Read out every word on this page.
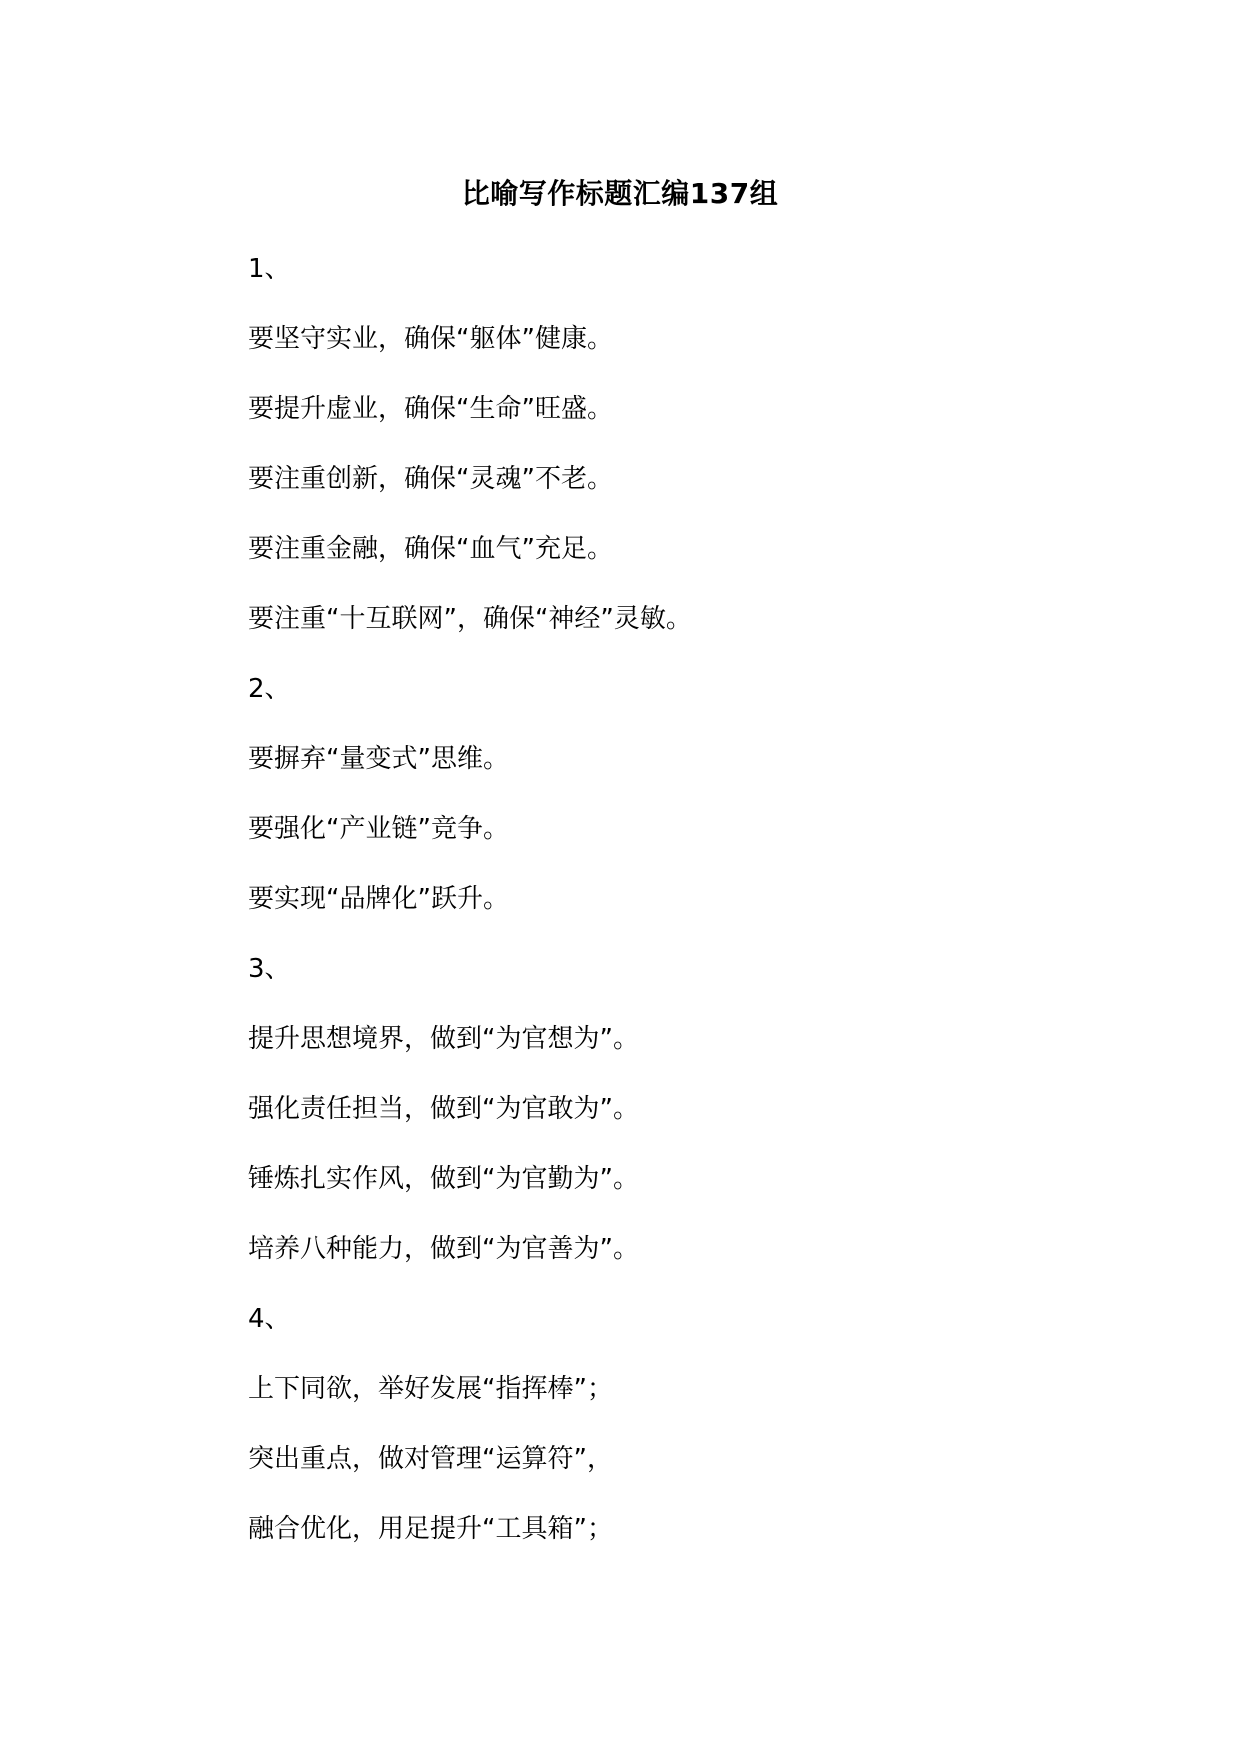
比喻写作标题汇编137组
1、
要坚守实业，确保“躯体”健康。
要提升虚业，确保“生命”旺盛。
要注重创新，确保“灵魂”不老。
要注重金融，确保“血气”充足。
要注重“十互联网”，确保“神经”灵敏。
2、
要摒弃“量变式”思维。
要强化“产业链”竞争。
要实现“品牌化”跃升。
3、
提升思想境界，做到“为官想为”。
强化责任担当，做到“为官敢为”。
锤炼扎实作风，做到“为官勤为”。
培养八种能力，做到“为官善为”。
4、
上下同欲，举好发展“指挥棒”；
突出重点，做对管理“运算符”，
融合优化，用足提升“工具箱”；
